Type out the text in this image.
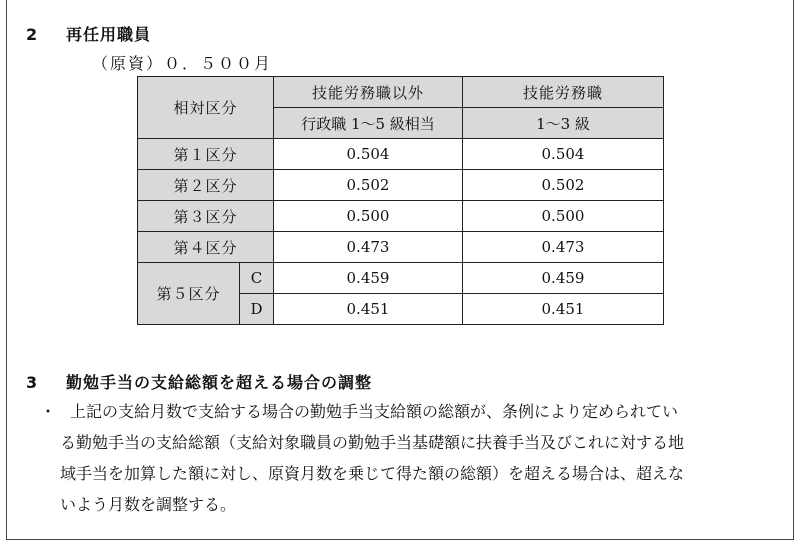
2 再任用職員
（原資）０．５００月
相対区分		技能労務職以外	技能労務職
		行政職 1〜5 級相当	1〜3 級
第１区分		0.504	0.504
第２区分		0.502	0.502
第３区分		0.500	0.500
第４区分		0.473	0.473
第５区分	C	0.459	0.459
	D	0.451	0.451
3 勤勉手当の支給総額を超える場合の調整
・ 上記の支給月数で支給する場合の勤勉手当支給額の総額が、条例により定められてい
る勤勉手当の支給総額（支給対象職員の勤勉手当基礎額に扶養手当及びこれに対する地
域手当を加算した額に対し、原資月数を乗じて得た額の総額）を超える場合は、超えな
いよう月数を調整する。
